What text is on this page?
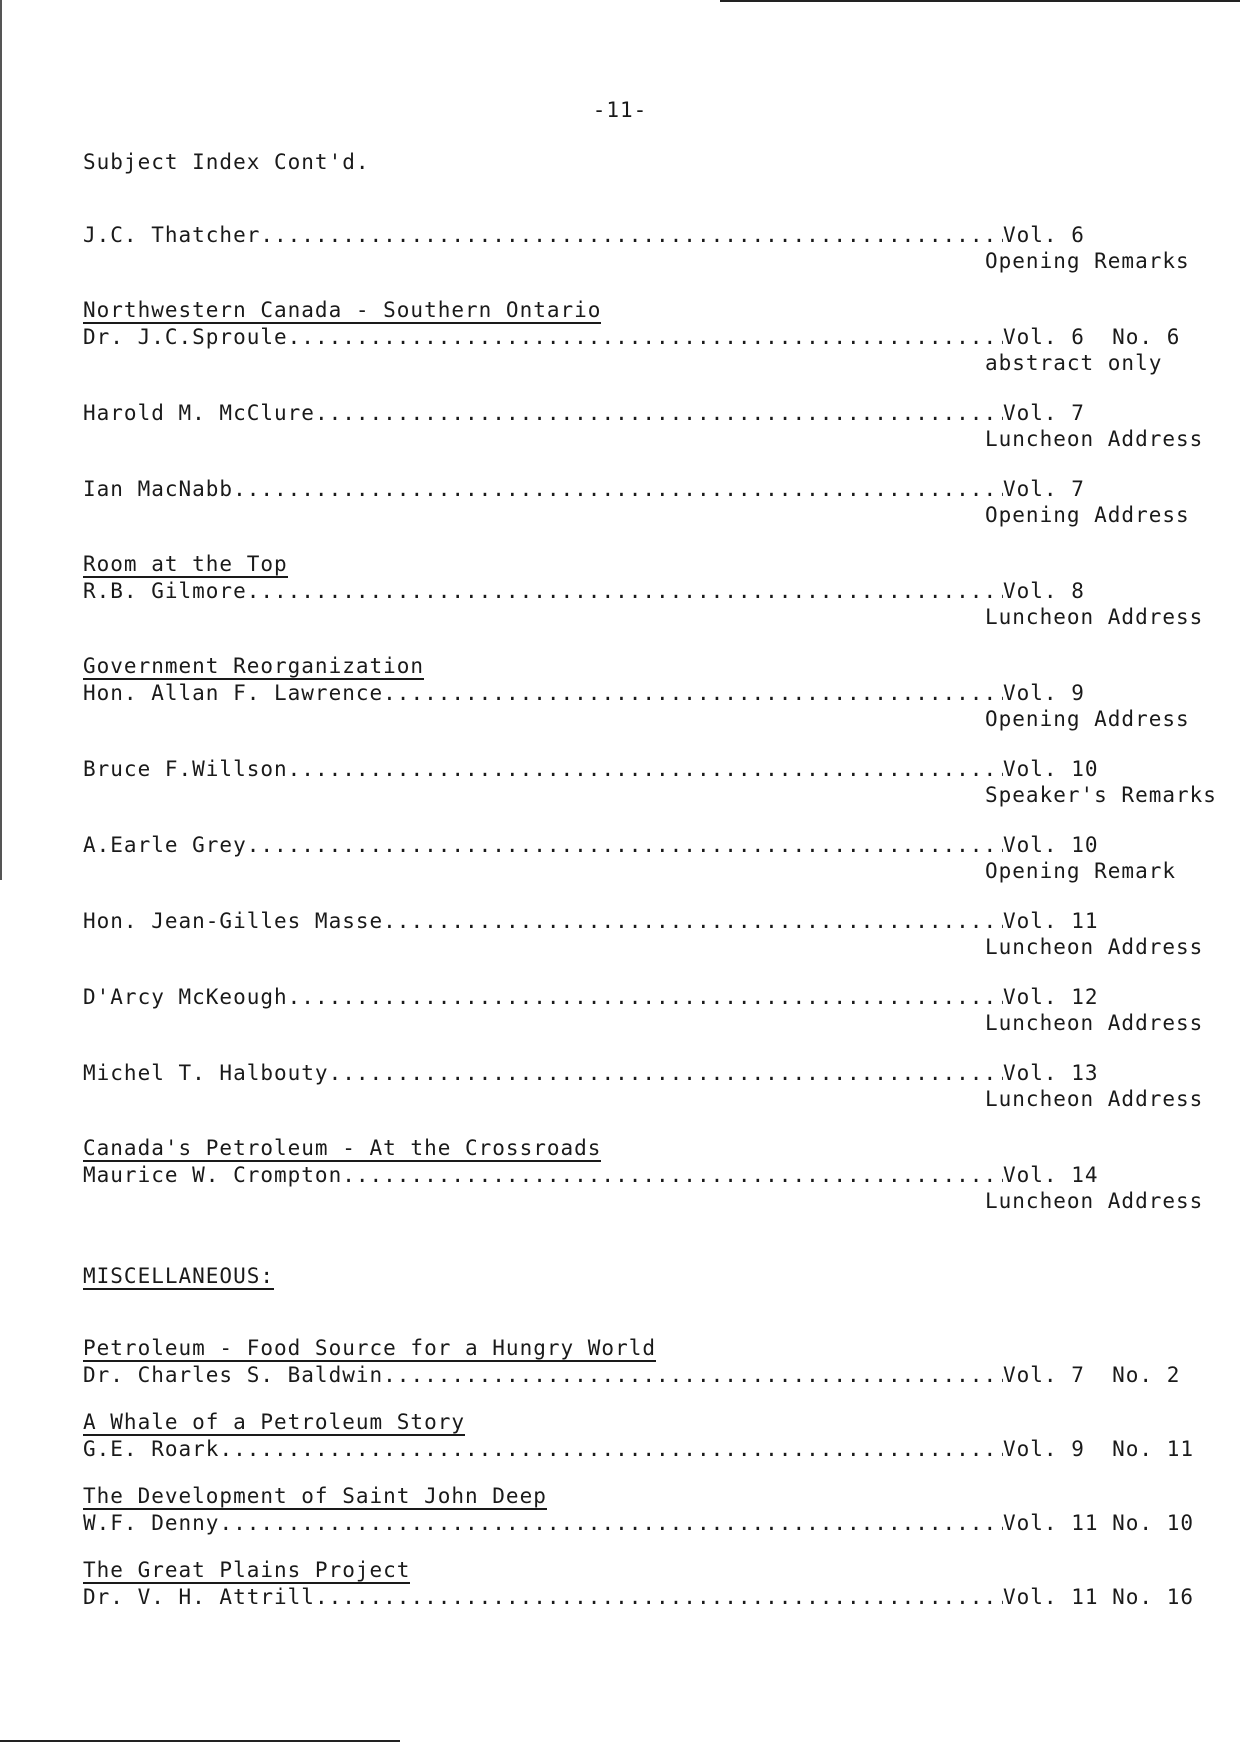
-11-
Subject Index Cont'd.
J.C. Thatcher .....	Vol. 6
Opening Remarks
Northwestern Canada - Southern Ontario
Dr. J.C.Sproule .....	Vol. 6  No. 6
abstract only
Harold M. McClure .....	Vol. 7
Luncheon Address
Ian MacNabb .....	Vol. 7
Opening Address
Room at the Top
R.B. Gilmore .....	Vol. 8
Luncheon Address
Government Reorganization
Hon. Allan F. Lawrence .....	Vol. 9
Opening Address
Bruce F.Willson .....	Vol. 10
Speaker's Remarks
A.Earle Grey .....	Vol. 10
Opening Remark
Hon. Jean-Gilles Masse .....	Vol. 11
Luncheon Address
D'Arcy McKeough .....	Vol. 12
Luncheon Address
Michel T. Halbouty .....	Vol. 13
Luncheon Address
Canada's Petroleum - At the Crossroads
Maurice W. Crompton .....	Vol. 14
Luncheon Address
MISCELLANEOUS:
Petroleum - Food Source for a Hungry World
Dr. Charles S. Baldwin .....	Vol. 7  No. 2
A Whale of a Petroleum Story
G.E. Roark .....	Vol. 9  No. 11
The Development of Saint John Deep
W.F. Denny .....	Vol. 11 No. 10
The Great Plains Project
Dr. V. H. Attrill .....	Vol. 11 No. 16
